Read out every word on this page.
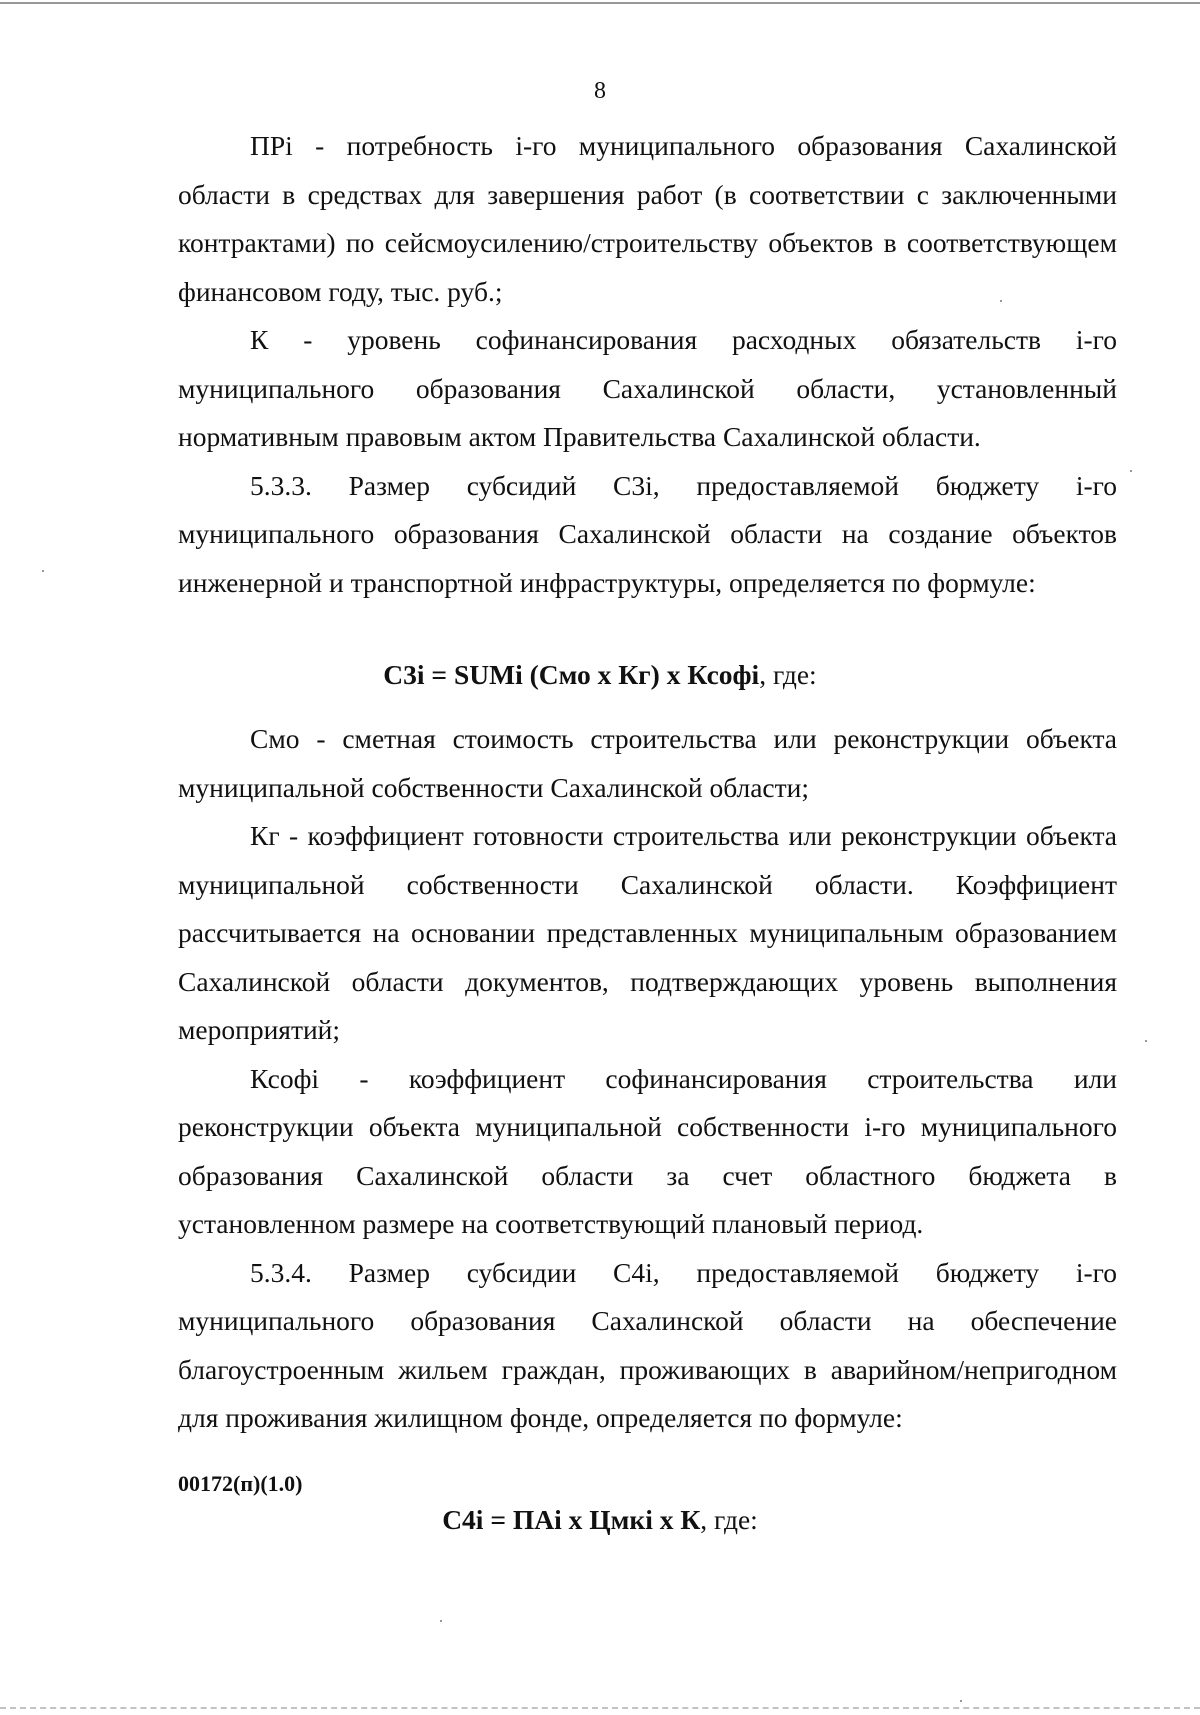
8

ПPi - потребность i-го муниципального образования Сахалинской области в средствах для завершения работ (в соответствии с заключенными контрактами) по сейсмоусилению/строительству объектов в соответствующем финансовом году, тыс. руб.;

К - уровень софинансирования расходных обязательств i-го муниципального образования Сахалинской области, установленный нормативным правовым актом Правительства Сахалинской области.

5.3.3. Размер субсидий С3i, предоставляемой бюджету i-го муниципального образования Сахалинской области на создание объектов инженерной и транспортной инфраструктуры, определяется по формуле:

С3i = SUMi (Смо х Кг) х Ксофi, где:

Смо - сметная стоимость строительства или реконструкции объекта муниципальной собственности Сахалинской области;

Кг - коэффициент готовности строительства или реконструкции объекта муниципальной собственности Сахалинской области. Коэффициент рассчитывается на основании представленных муниципальным образованием Сахалинской области документов, подтверждающих уровень выполнения мероприятий;

Ксофi - коэффициент софинансирования строительства или реконструкции объекта муниципальной собственности i-го муниципального образования Сахалинской области за счет областного бюджета в установленном размере на соответствующий плановый период.

5.3.4. Размер субсидии С4i, предоставляемой бюджету i-го муниципального образования Сахалинской области на обеспечение благоустроенным жильем граждан, проживающих в аварийном/непригодном для проживания жилищном фонде, определяется по формуле:

С4i = ПАi х Цмкi х К, где:
00172(п)(1.0)
